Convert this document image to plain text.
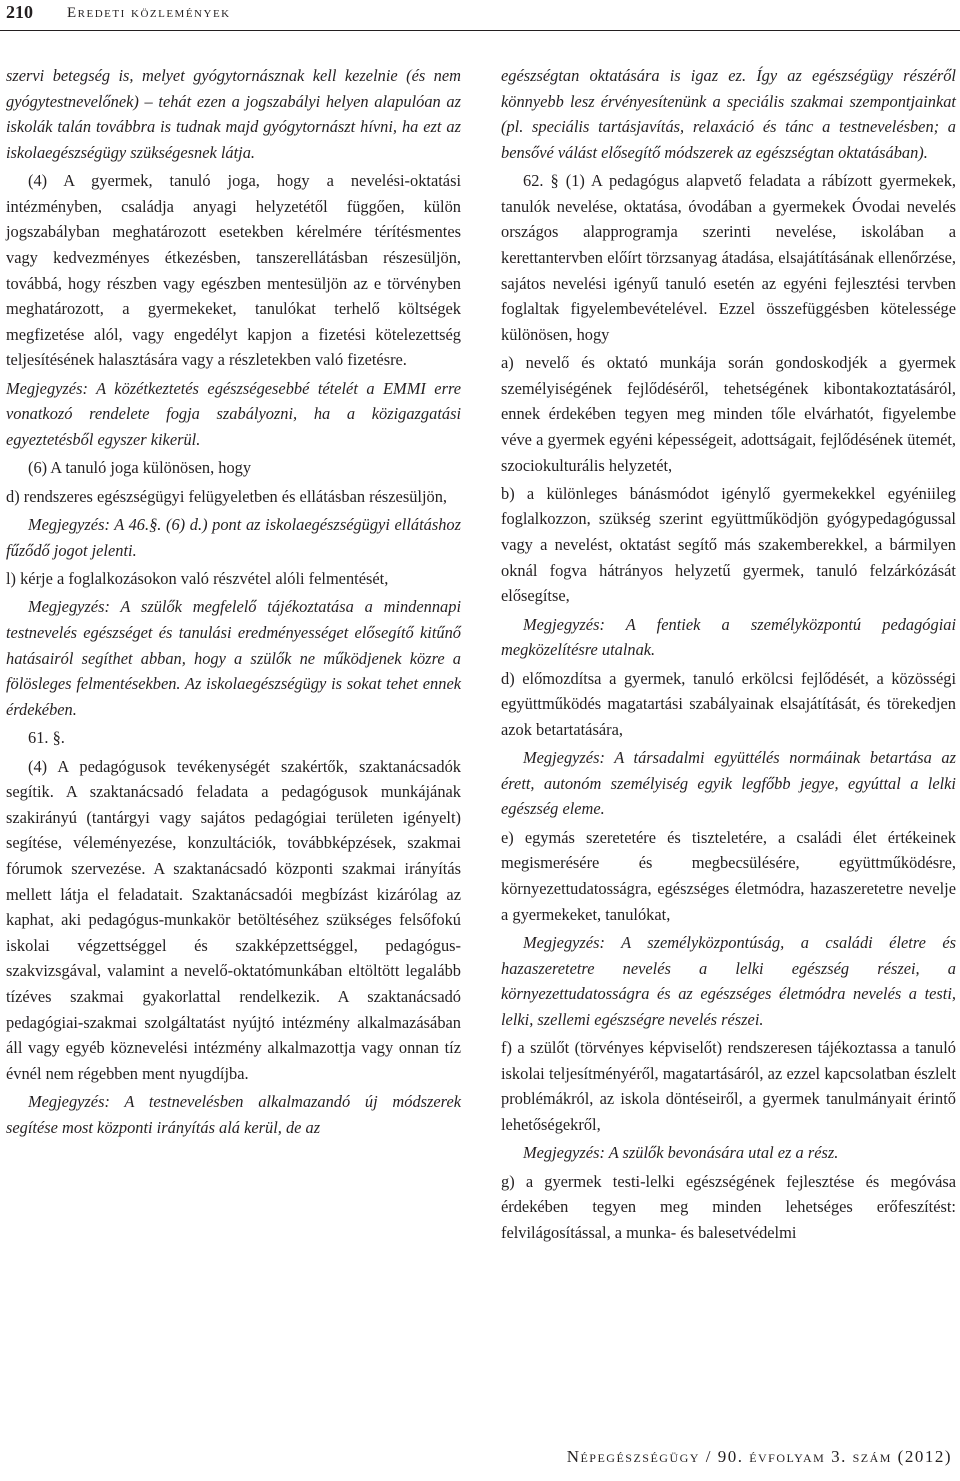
210 Eredeti közlemények

szervi betegség is, melyet gyógytornásznak kell kezelnie (és nem gyógytestnevelőnek) – tehát ezen a jogszabályi helyen alapulóan az iskolák talán továbbra is tudnak majd gyógytornászt hívni, ha ezt az iskolaegészségügy szükségesnek látja.

(4) A gyermek, tanuló joga, hogy a nevelési-oktatási intézményben, családja anyagi helyzetétől függően, külön jogszabályban meghatározott esetekben kérelmére térítésmentes vagy kedvezményes étkezésben, tanszerellátásban részesüljön, továbbá, hogy részben vagy egészben mentesüljön az e törvényben meghatározott, a gyermekeket, tanulókat terhelő költségek megfizetése alól, vagy engedélyt kapjon a fizetési kötelezettség teljesítésének halasztására vagy a részletekben való fizetésre.

Megjegyzés: A közétkeztetés egészségesebbé tételét a EMMI erre vonatkozó rendelete fogja szabályozni, ha a közigazgatási egyeztetésből egyszer kikerül.

(6) A tanuló joga különösen, hogy

d) rendszeres egészségügyi felügyeletben és ellátásban részesüljön,

Megjegyzés: A 46.§. (6) d.) pont az iskolaegészségügyi ellátáshoz fűződő jogot jelenti.

l) kérje a foglalkozásokon való részvétel alóli felmentését,

Megjegyzés: A szülők megfelelő tájékoztatása a mindennapi testnevelés egészséget és tanulási eredményességet elősegítő kitűnő hatásairól segíthet abban, hogy a szülők ne működjenek közre a fölösleges felmentésekben. Az iskolaegészségügy is sokat tehet ennek érdekében.

61. §.

(4) A pedagógusok tevékenységét szakértők, szaktanácsadók segítik. A szaktanácsadó feladata a pedagógusok munkájának szakirányú (tantárgyi vagy sajátos pedagógiai területen igényelt) segítése, véleményezése, konzultációk, továbbképzések, szakmai fórumok szervezése. A szaktanácsadó központi szakmai irányítás mellett látja el feladatait. Szaktanácsadói megbízást kizárólag az kaphat, aki pedagógus-munkakör betöltéséhez szükséges felsőfokú iskolai végzettséggel és szakképzettséggel, pedagógus-szakvizsgával, valamint a nevelő-oktatómunkában eltöltött legalább tízéves szakmai gyakorlattal rendelkezik. A szaktanácsadó pedagógiai-szakmai szolgáltatást nyújtó intézmény alkalmazásában áll vagy egyéb köznevelési intézmény alkalmazottja vagy onnan tíz évnél nem régebben ment nyugdíjba.

Megjegyzés: A testnevelésben alkalmazandó új módszerek segítése most központi irányítás alá kerül, de az

egészségtan oktatására is igaz ez. Így az egészségügy részéről könnyebb lesz érvényesítenünk a speciális szakmai szempontjainkat (pl. speciális tartásjavítás, relaxáció és tánc a testnevelésben; a bensővé válást elősegítő módszerek az egészségtan oktatásában).

62. § (1) A pedagógus alapvető feladata a rábízott gyermekek, tanulók nevelése, oktatása, óvodában a gyermekek Óvodai nevelés országos alapprogramja szerinti nevelése, iskolában a kerettantervben előírt törzsanyag átadása, elsajátításának ellenőrzése, sajátos nevelési igényű tanuló esetén az egyéni fejlesztési tervben foglaltak figyelembevételével. Ezzel összefüggésben kötelessége különösen, hogy

a) nevelő és oktató munkája során gondoskodjék a gyermek személyiségének fejlődéséről, tehetségének kibontakoztatásáról, ennek érdekében tegyen meg minden tőle elvárhatót, figyelembe véve a gyermek egyéni képességeit, adottságait, fejlődésének ütemét, szociokulturális helyzetét,

b) a különleges bánásmódot igénylő gyermekekkel egyéniileg foglalkozzon, szükség szerint együttműködjön gyógypedagógussal vagy a nevelést, oktatást segítő más szakemberekkel, a bármilyen oknál fogva hátrányos helyzetű gyermek, tanuló felzárkózását elősegítse,

Megjegyzés: A fentiek a személyközpontú pedagógiai megközelítésre utalnak.

d) előmozdítsa a gyermek, tanuló erkölcsi fejlődését, a közösségi együttműködés magatartási szabályainak elsajátítását, és törekedjen azok betartatására,

Megjegyzés: A társadalmi együttélés normáinak betartása az érett, autonóm személyiség egyik legfőbb jegye, egyúttal a lelki egészség eleme.

e) egymás szeretetére és tiszteletére, a családi élet értékeinek megismerésére és megbecsülésére, együttműködésre, környezettudatosságra, egészséges életmódra, hazaszeretetre nevelje a gyermekeket, tanulókat,

Megjegyzés: A személyközpontúság, a családi életre és hazaszeretetre nevelés a lelki egészség részei, a környezettudatosságra és az egészséges életmódra nevelés a testi, lelki, szellemi egészségre nevelés részei.

f) a szülőt (törvényes képviselőt) rendszeresen tájékoztassa a tanuló iskolai teljesítményéről, magatartásáról, az ezzel kapcsolatban észlelt problémákról, az iskola döntéseiről, a gyermek tanulmányait érintő lehetőségekről,

Megjegyzés: A szülők bevonására utal ez a rész.

g) a gyermek testi-lelki egészségének fejlesztése és megóvása érdekében tegyen meg minden lehetséges erőfeszítést: felvilágosítással, a munka- és balesetvédelmi

Népegészségügy / 90. évfolyam 3. szám (2012)
